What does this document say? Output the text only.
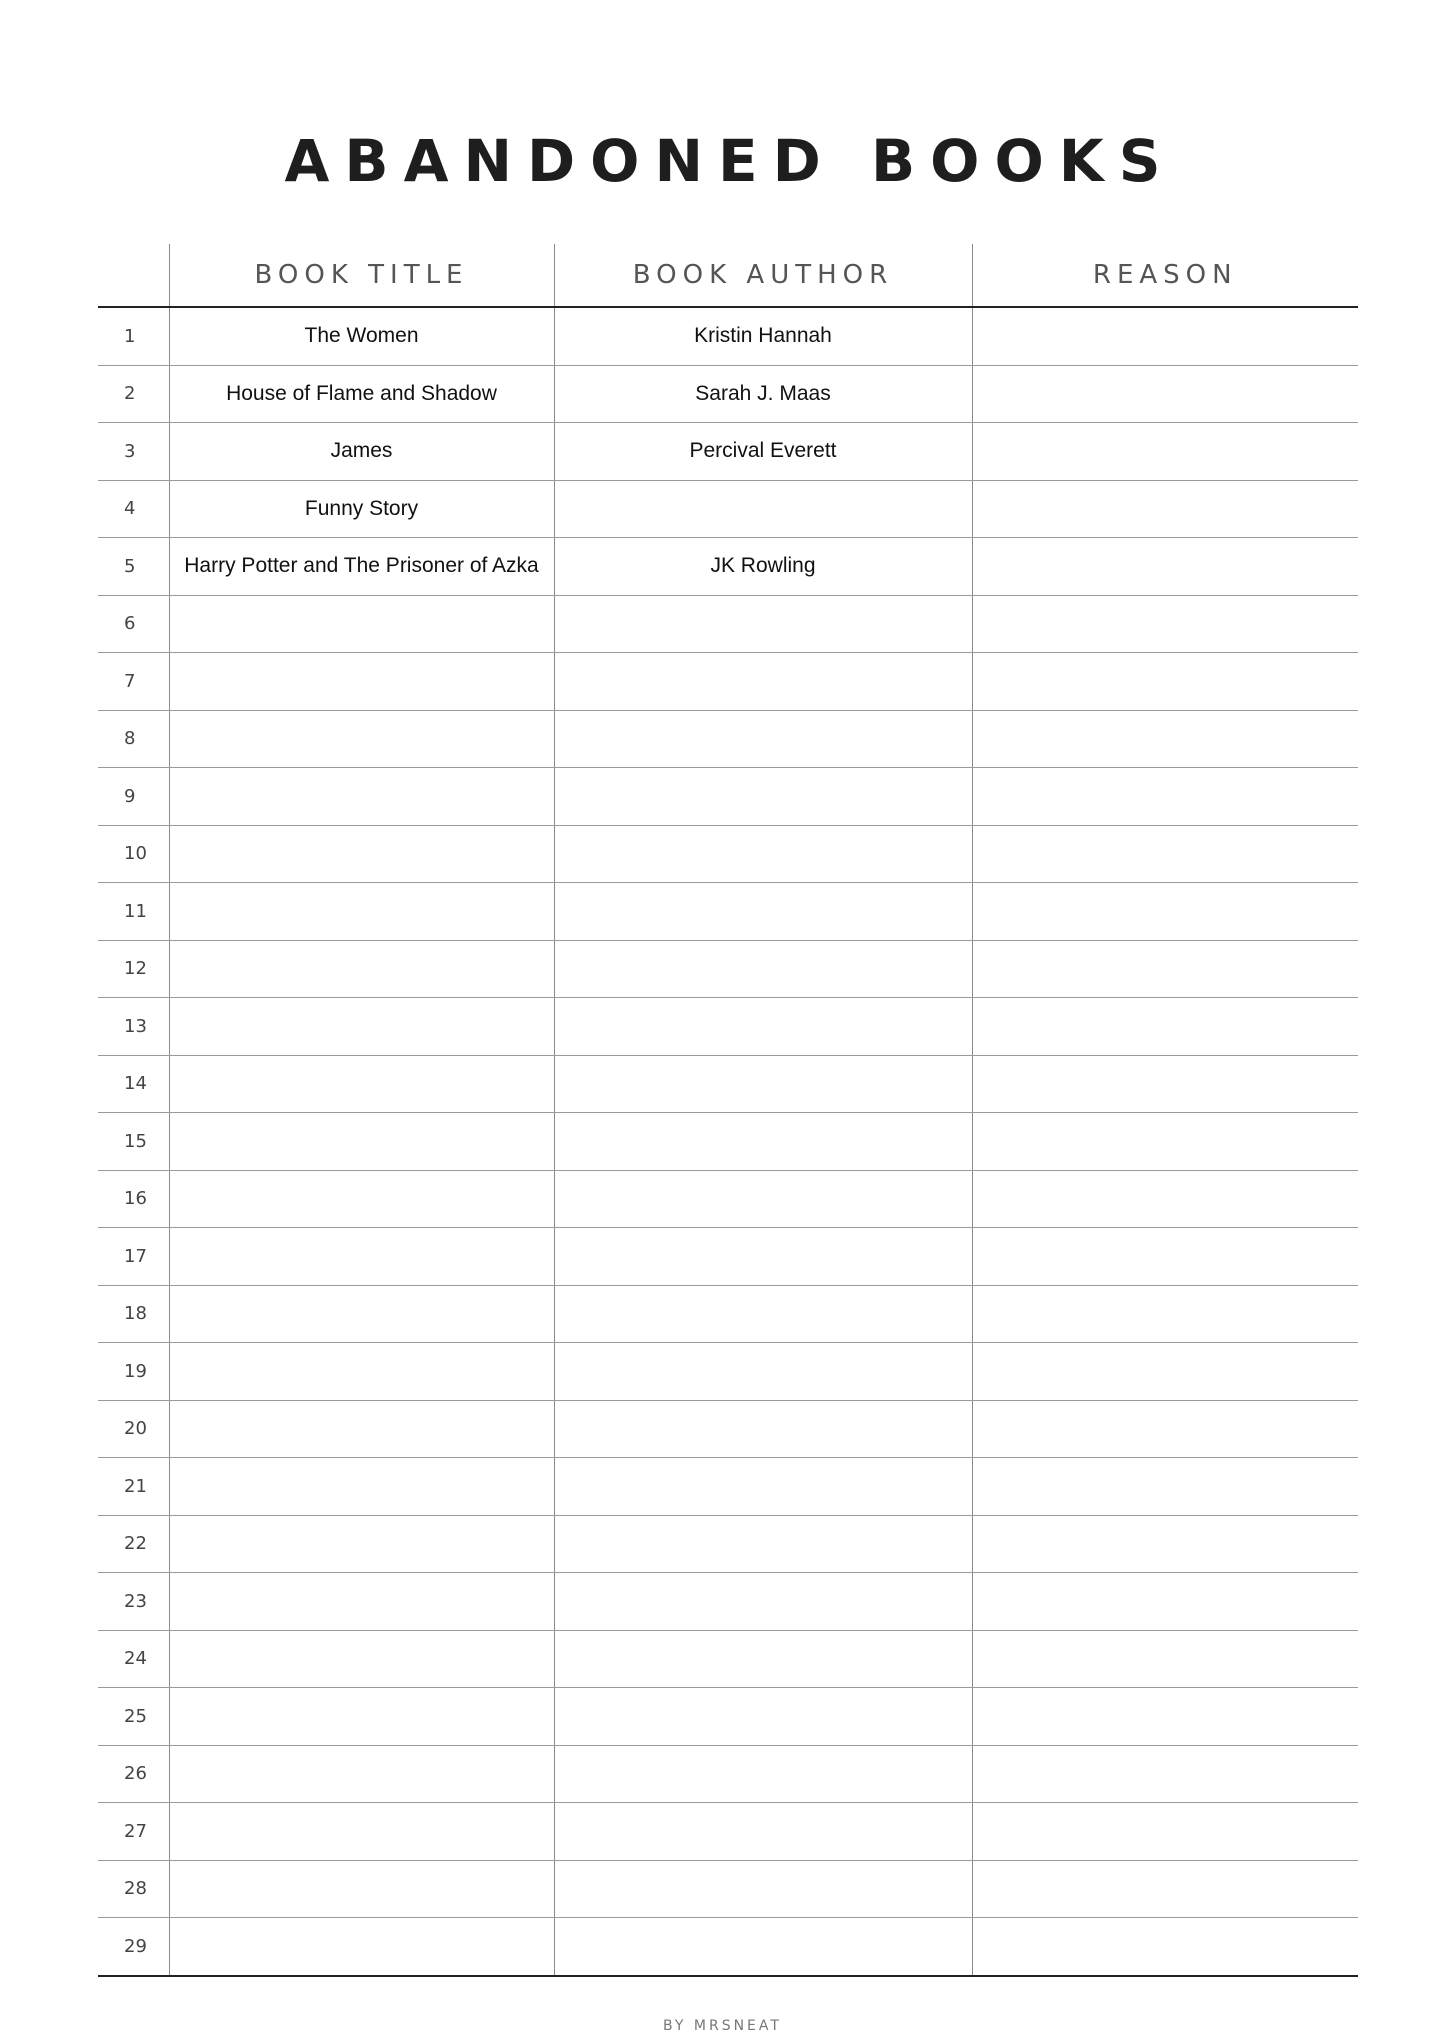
ABANDONED BOOKS
	BOOK TITLE	BOOK AUTHOR	REASON
1	The Women	Kristin Hannah	
2	House of Flame and Shadow	Sarah J. Maas	
3	James	Percival Everett	
4	Funny Story		
5	Harry Potter and The Prisoner of Azka	JK Rowling	
6			
7			
8			
9			
10			
11			
12			
13			
14			
15			
16			
17			
18			
19			
20			
21			
22			
23			
24			
25			
26			
27			
28			
29			
BY MRSNEAT
